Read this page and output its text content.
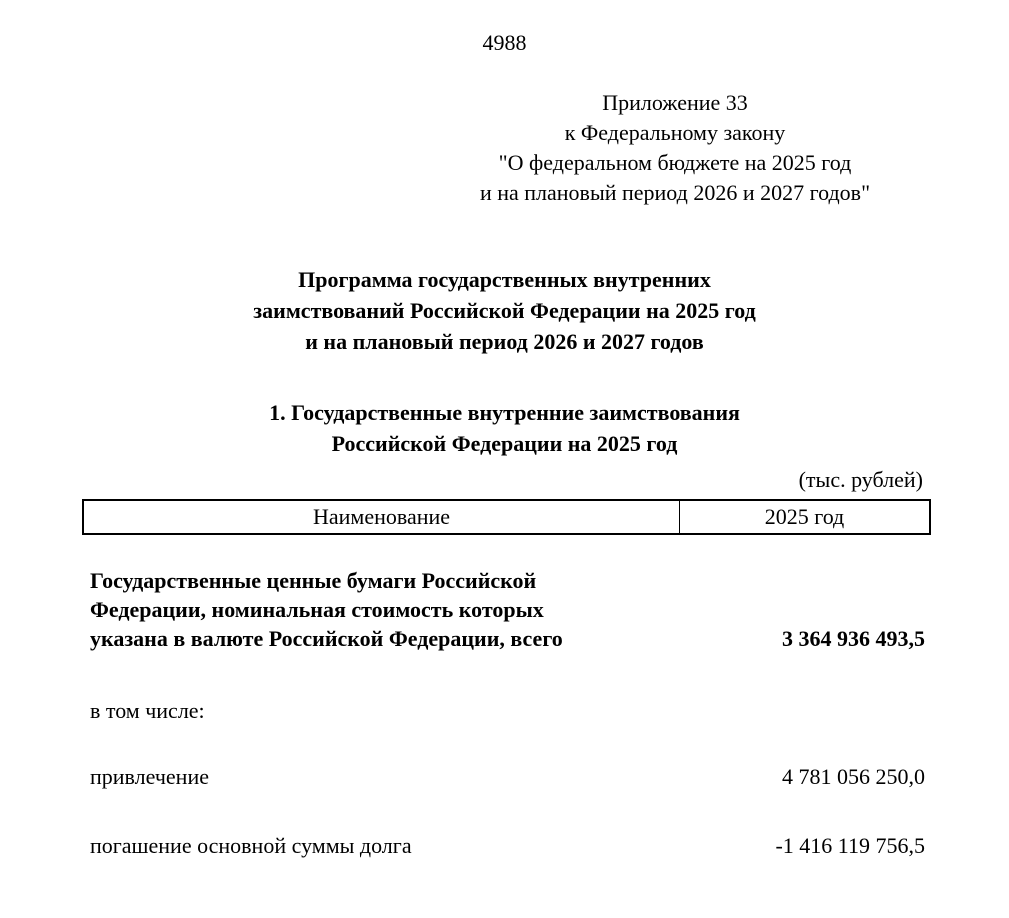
4988
Приложение 33
к Федеральному закону
"О федеральном бюджете на 2025 год
и на плановый период 2026 и 2027 годов"
Программа государственных внутренних
заимствований Российской Федерации на 2025 год
и на плановый период 2026 и 2027 годов
1. Государственные внутренние заимствования
Российской Федерации на 2025 год
(тыс. рублей)
Наименование	2025 год
Государственные ценные бумаги Российской
Федерации, номинальная стоимость которых
указана в валюте Российской Федерации, всего	3 364 936 493,5
в том числе:
привлечение	4 781 056 250,0
погашение основной суммы долга	-1 416 119 756,5
